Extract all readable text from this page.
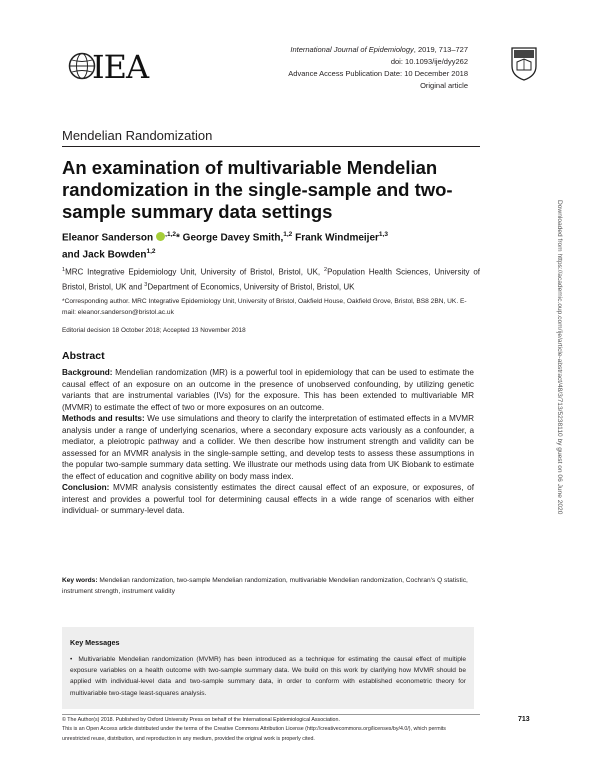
IEA	International Journal of Epidemiology, 2019, 713–727
doi: 10.1093/ije/dyy262
Advance Access Publication Date: 10 December 2018
Original article
Mendelian Randomization
An examination of multivariable Mendelian randomization in the single-sample and two-sample summary data settings
Eleanor Sanderson $^{,1,2}$* George Davey Smith,$^{1,2}$ Frank Windmeijer$^{1,3}$
and Jack Bowden$^{1,2}$
$^1$MRC Integrative Epidemiology Unit, University of Bristol, Bristol, UK, $^2$Population Health Sciences, University of Bristol, Bristol, UK and $^3$Department of Economics, University of Bristol, Bristol, UK
*Corresponding author. MRC Integrative Epidemiology Unit, University of Bristol, Oakfield House, Oakfield Grove, Bristol, BS8 2BN, UK. E-mail: eleanor.sanderson@bristol.ac.uk
Editorial decision 18 October 2018; Accepted 13 November 2018
Abstract

Background: Mendelian randomization (MR) is a powerful tool in epidemiology that can be used to estimate the causal effect of an exposure on an outcome in the presence of unobserved confounding, by utilizing genetic variants that are instrumental variables (IVs) for the exposure. This has been extended to multivariable MR (MVMR) to estimate the effect of two or more exposures on an outcome.

Methods and results: We use simulations and theory to clarify the interpretation of estimated effects in a MVMR analysis under a range of underlying scenarios, where a secondary exposure acts variously as a confounder, a mediator, a pleiotropic pathway and a collider. We then describe how instrument strength and validity can be assessed for an MVMR analysis in the single-sample setting, and develop tests to assess these assumptions in the popular two-sample summary data setting. We illustrate our methods using data from UK Biobank to estimate the effect of education and cognitive ability on body mass index.

Conclusion: MVMR analysis consistently estimates the direct causal effect of an exposure, or exposures, of interest and provides a powerful tool for determining causal effects in a wide range of scenarios with either individual- or summary-level data.

Key words: Mendelian randomization, two-sample Mendelian randomization, multivariable Mendelian randomization, Cochran's Q statistic, instrument strength, instrument validity
Key Messages
• Multivariable Mendelian randomization (MVMR) has been introduced as a technique for estimating the causal effect of multiple exposure variables on a health outcome with two-sample summary data. We build on this work by clarifying how MVMR should be applied with individual-level data and two-sample summary data, in order to conform with established econometric theory for multivariable two-stage least-squares analysis.
© The Author(s) 2018. Published by Oxford University Press on behalf of the International Epidemiological Association.
This is an Open Access article distributed under the terms of the Creative Commons Attribution License (http://creativecommons.org/licenses/by/4.0/), which permits unrestricted reuse, distribution, and reproduction in any medium, provided the original work is properly cited.
713
Downloaded from https://academic.oup.com/ije/article-abstract/48/3/713/5238110 by guest on 06 June 2020
